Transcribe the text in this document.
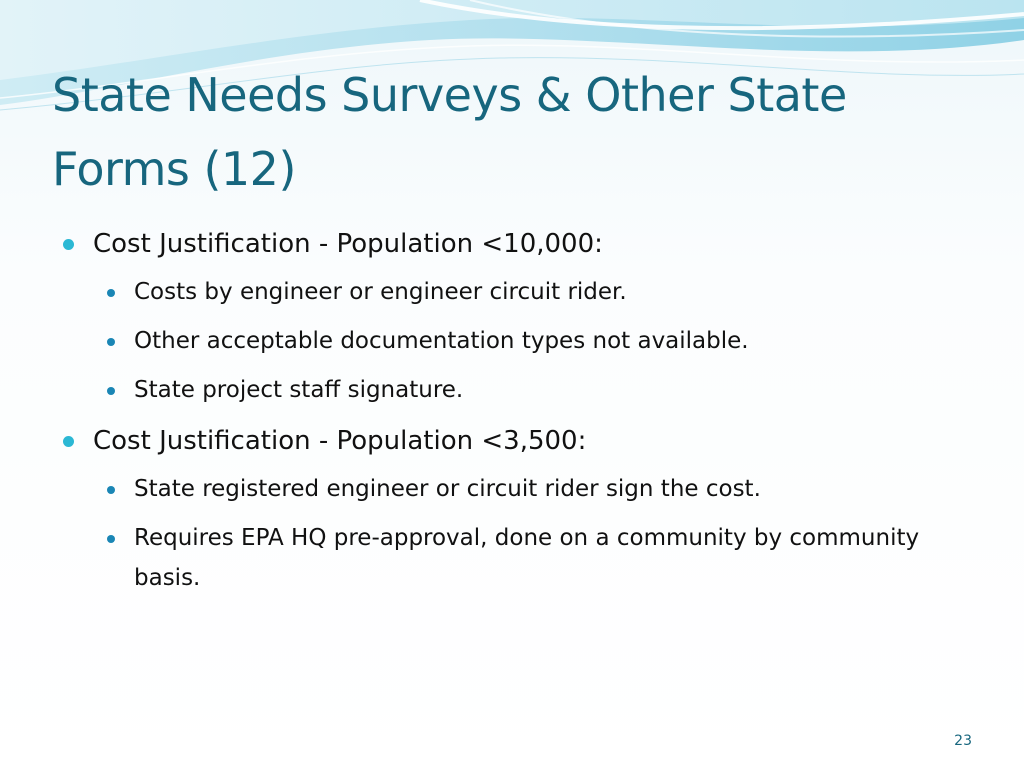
State Needs Surveys & Other State Forms (12)
Cost Justification - Population <10,000:
Costs by engineer or engineer circuit rider.
Other acceptable documentation types not available.
State project staff signature.
Cost Justification - Population <3,500:
State registered engineer or circuit rider sign the cost.
Requires EPA HQ pre-approval, done on a community by community basis.
23
